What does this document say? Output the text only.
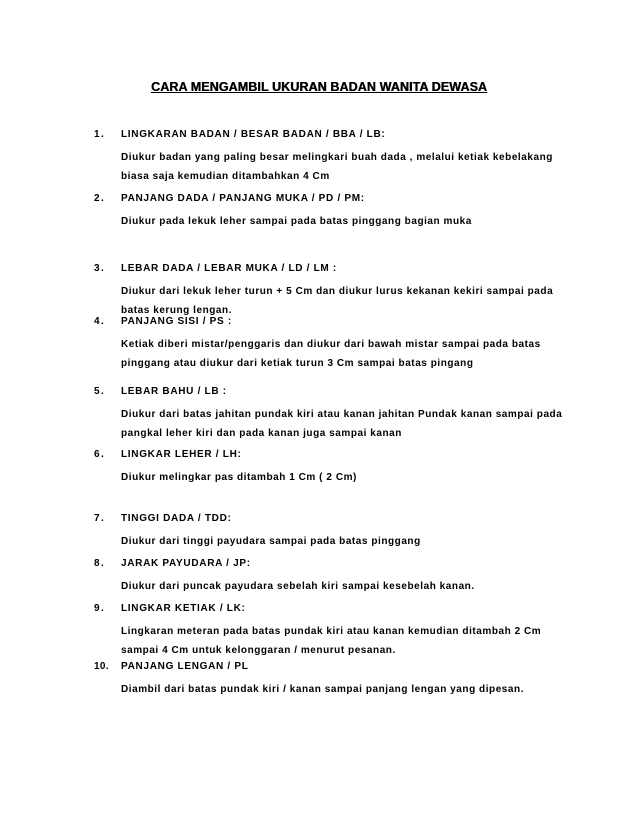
CARA MENGAMBIL UKURAN BADAN WANITA DEWASA
1. LINGKARAN BADAN / BESAR BADAN / BBA / LB:
Diukur badan yang paling besar melingkari buah dada , melalui ketiak kebelakang
biasa saja kemudian ditambahkan 4 Cm
2. PANJANG DADA / PANJANG MUKA / PD / PM:
Diukur pada lekuk leher sampai pada batas pinggang bagian muka
3. LEBAR DADA / LEBAR MUKA / LD / LM :
Diukur dari lekuk leher turun + 5 Cm dan diukur lurus kekanan kekiri sampai pada
batas kerung lengan.
4. PANJANG SISI / PS :
Ketiak diberi mistar/penggaris dan diukur dari bawah mistar sampai pada batas
pinggang atau diukur dari ketiak turun 3 Cm sampai batas pingang
5. LEBAR BAHU / LB :
Diukur dari batas jahitan pundak kiri atau kanan jahitan Pundak kanan sampai pada
pangkal leher kiri dan pada kanan juga sampai kanan
6. LINGKAR LEHER / LH:
Diukur melingkar pas ditambah 1 Cm ( 2 Cm)
7. TINGGI DADA / TDD:
Diukur dari tinggi payudara sampai pada batas pinggang
8. JARAK PAYUDARA / JP:
Diukur dari puncak payudara sebelah kiri sampai kesebelah kanan.
9. LINGKAR KETIAK / LK:
Lingkaran meteran pada batas pundak kiri atau kanan kemudian ditambah 2 Cm
sampai 4 Cm untuk kelonggaran / menurut pesanan.
10. PANJANG LENGAN / PL
Diambil dari batas pundak kiri / kanan sampai panjang lengan yang dipesan.
